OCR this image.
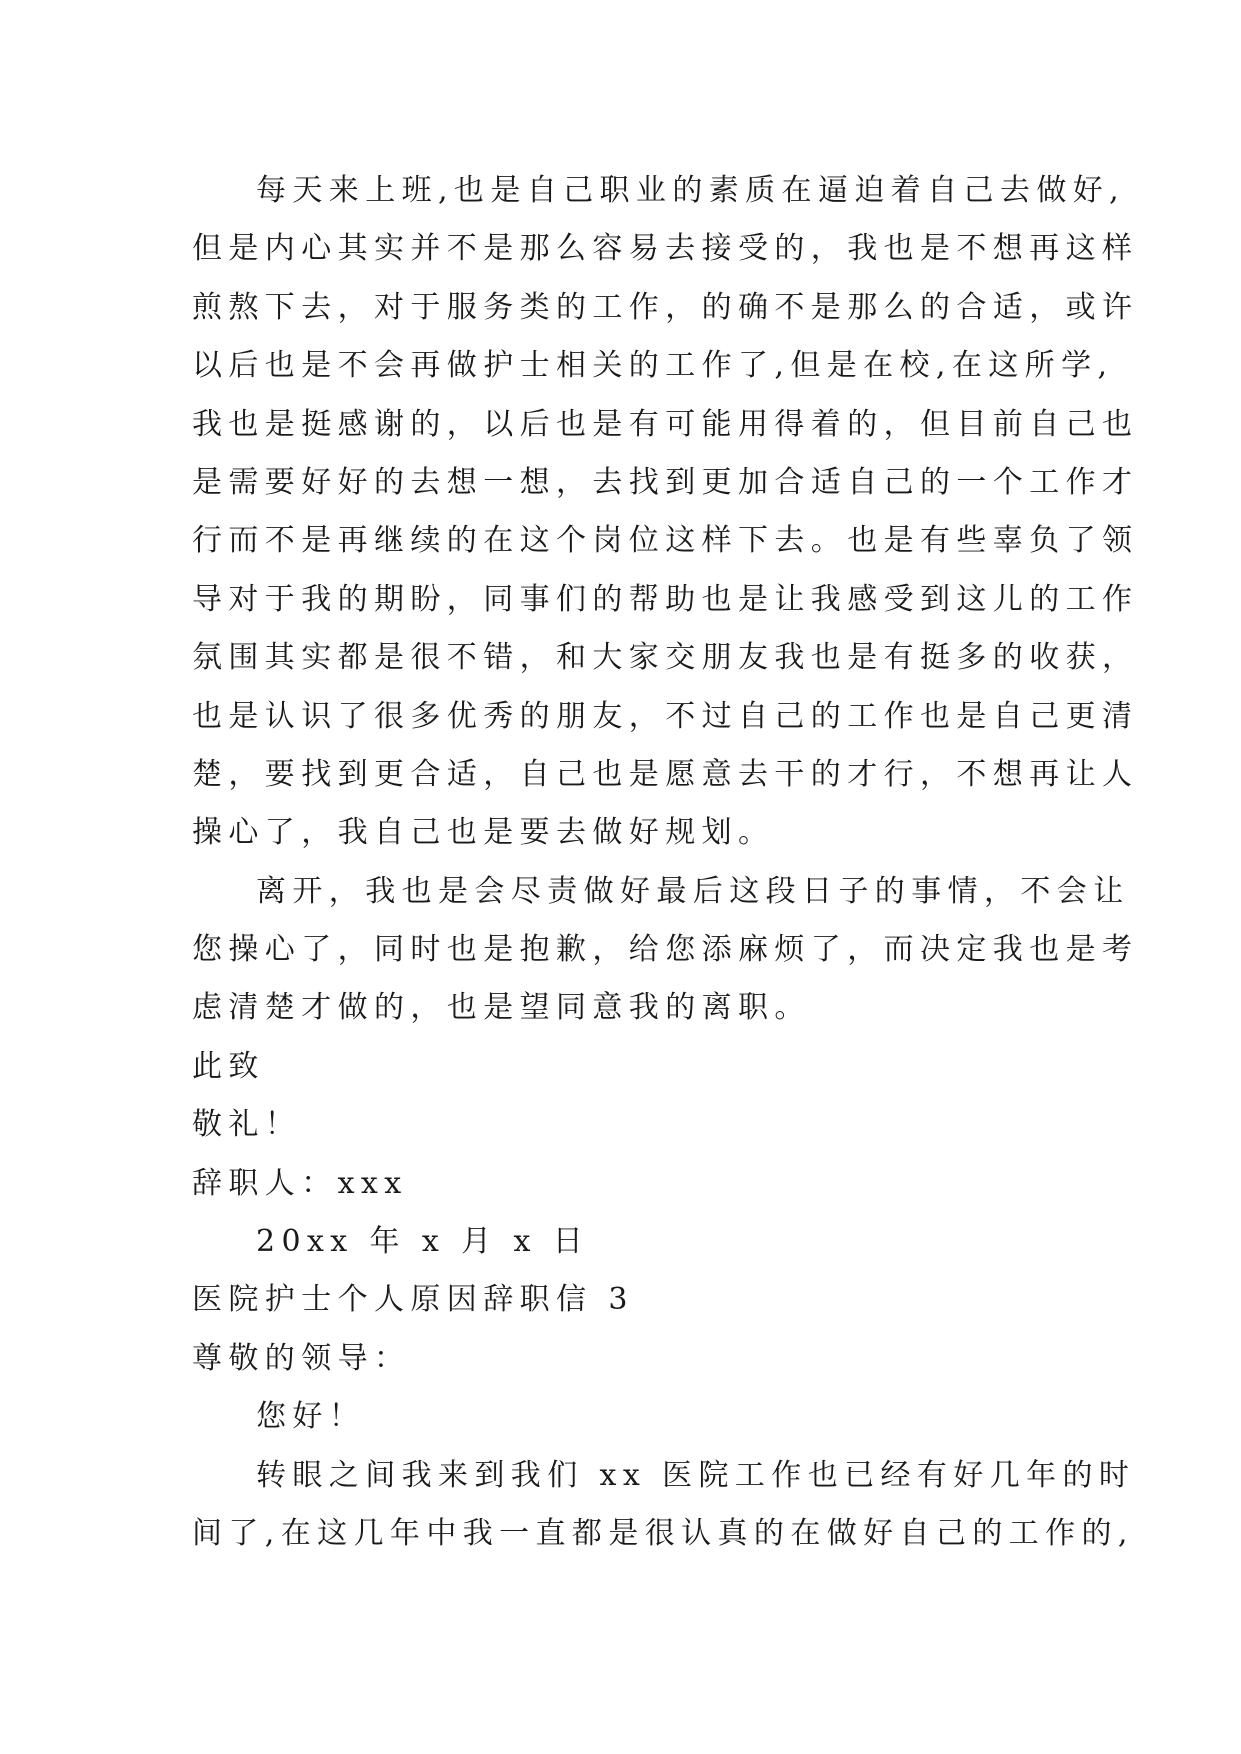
每天来上班,也是自己职业的素质在逼迫着自己去做好,
但是内心其实并不是那么容易去接受的，我也是不想再这样
煎熬下去，对于服务类的工作，的确不是那么的合适，或许
以后也是不会再做护士相关的工作了,但是在校,在这所学,
我也是挺感谢的，以后也是有可能用得着的，但目前自己也
是需要好好的去想一想，去找到更加合适自己的一个工作才
行而不是再继续的在这个岗位这样下去。也是有些辜负了领
导对于我的期盼，同事们的帮助也是让我感受到这儿的工作
氛围其实都是很不错，和大家交朋友我也是有挺多的收获，
也是认识了很多优秀的朋友，不过自己的工作也是自己更清
楚，要找到更合适，自己也是愿意去干的才行，不想再让人
操心了，我自己也是要去做好规划。
离开，我也是会尽责做好最后这段日子的事情，不会让
您操心了，同时也是抱歉，给您添麻烦了，而决定我也是考
虑清楚才做的，也是望同意我的离职。
此致
敬礼！
辞职人：xxx
20xx 年 x 月 x 日
医院护士个人原因辞职信 3
尊敬的领导：
您好！
转眼之间我来到我们 xx 医院工作也已经有好几年的时
间了,在这几年中我一直都是很认真的在做好自己的工作的,
